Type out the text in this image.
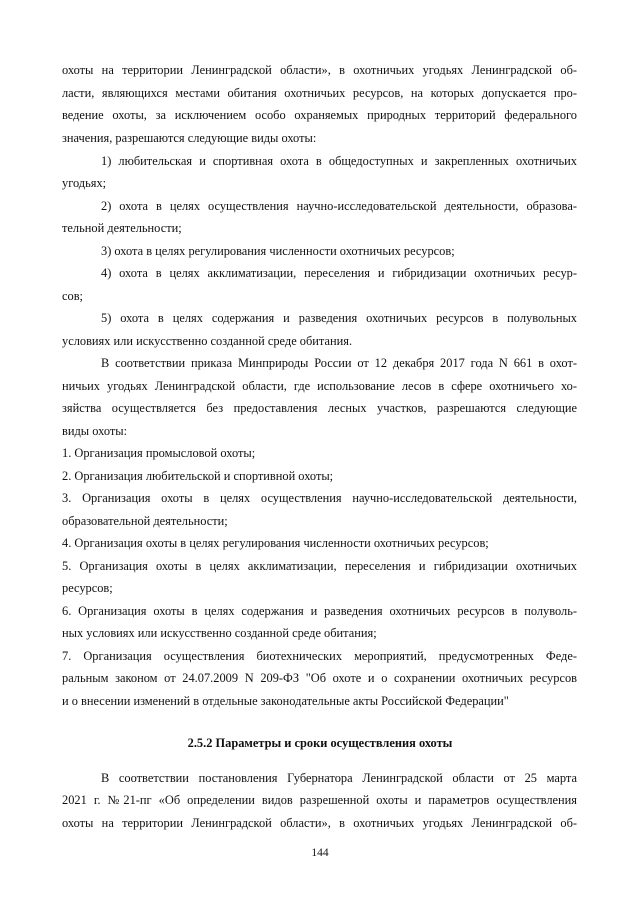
охоты на территории Ленинградской области», в охотничьих угодьях Ленинградской об-
ласти, являющихся местами обитания охотничьих ресурсов, на которых допускается про-
ведение охоты, за исключением особо охраняемых природных территорий федерального
значения, разрешаются следующие виды охоты:
1) любительская и спортивная охота в общедоступных и закрепленных охотничьих
угодьях;
2) охота в целях осуществления научно-исследовательской деятельности, образова-
тельной деятельности;
3) охота в целях регулирования численности охотничьих ресурсов;
4) охота в целях акклиматизации, переселения и гибридизации охотничьих ресур-
сов;
5) охота в целях содержания и разведения охотничьих ресурсов в полувольных
условиях или искусственно созданной среде обитания.
В соответствии приказа Минприроды России от 12 декабря 2017 года N 661 в охот-
ничьих угодьях Ленинградской области, где использование лесов в сфере охотничьего хо-
зяйства осуществляется без предоставления лесных участков, разрешаются следующие
виды охоты:
1. Организация промысловой охоты;
2. Организация любительской и спортивной охоты;
3. Организация охоты в целях осуществления научно-исследовательской деятельности,
образовательной деятельности;
4. Организация охоты в целях регулирования численности охотничьих ресурсов;
5. Организация охоты в целях акклиматизации, переселения и гибридизации охотничьих
ресурсов;
6. Организация охоты в целях содержания и разведения охотничьих ресурсов в полуволь-
ных условиях или искусственно созданной среде обитания;
7. Организация осуществления биотехнических мероприятий, предусмотренных Феде-
ральным законом от 24.07.2009 N 209-ФЗ "Об охоте и о сохранении охотничьих ресурсов
и о внесении изменений в отдельные законодательные акты Российской Федерации"
2.5.2 Параметры и сроки осуществления охоты
В соответствии постановления Губернатора Ленинградской области от 25 марта
2021 г. №21-пг «Об определении видов разрешенной охоты и параметров осуществления
охоты на территории Ленинградской области», в охотничьих угодьях Ленинградской об-
144
